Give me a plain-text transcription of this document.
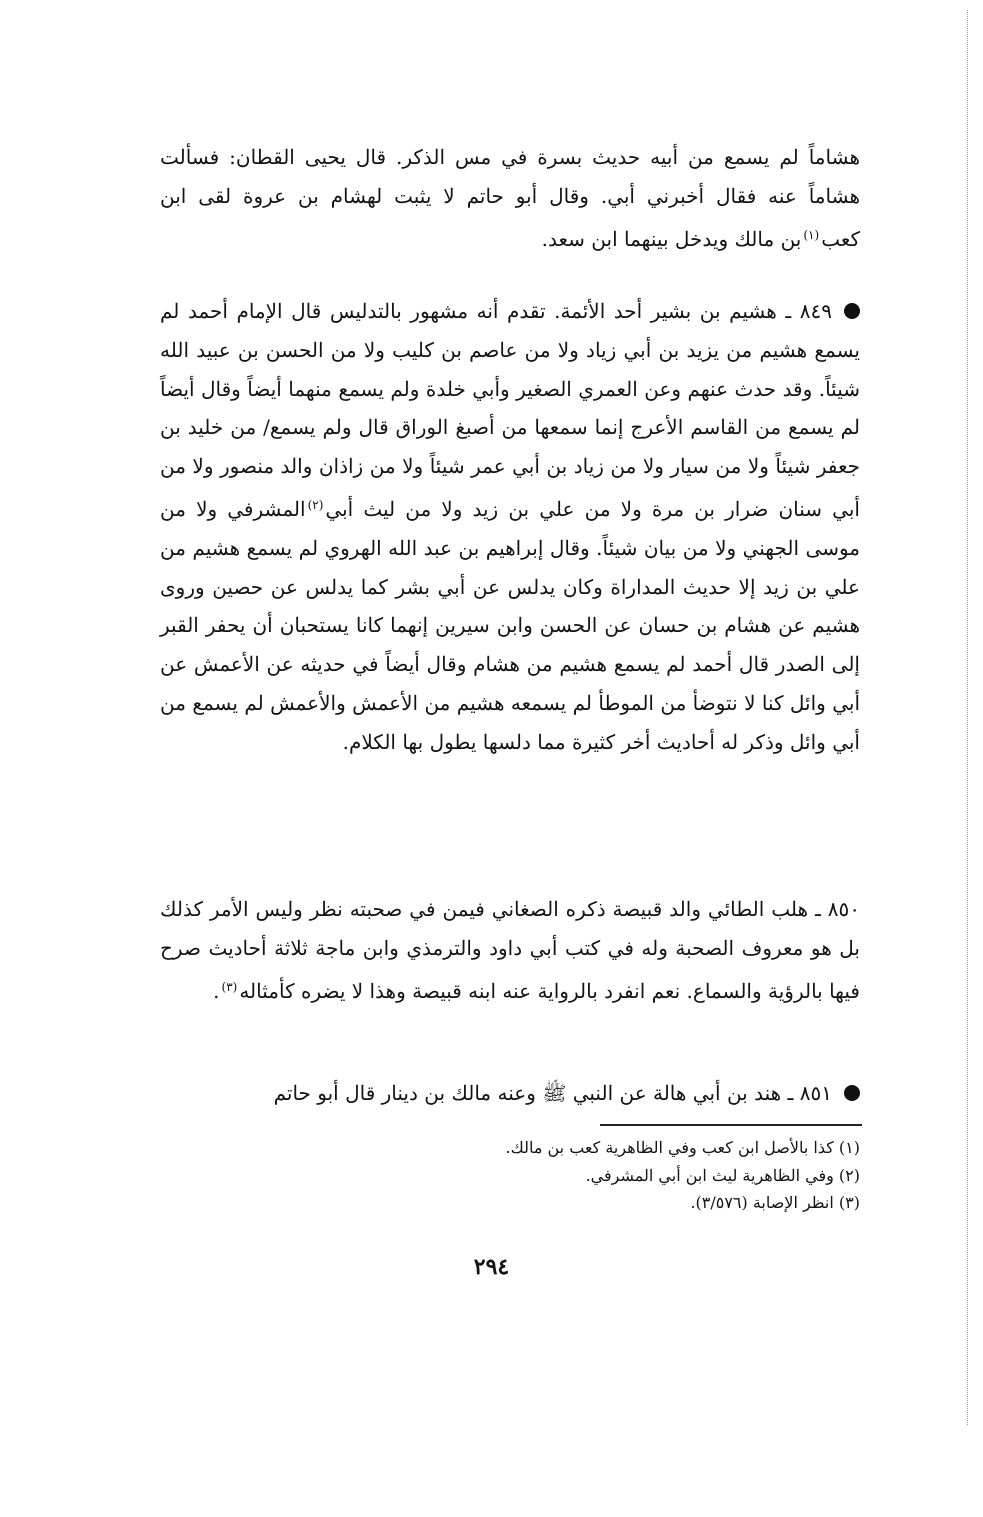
هشاماً لم يسمع من أبيه حديث بسرة في مس الذكر. قال يحيى القطان: فسألت هشاماً عنه فقال أخبرني أبي. وقال أبو حاتم لا يثبت لهشام بن عروة لقى ابن كعب$^{(١)}$بن مالك ويدخل بينهما ابن سعد.
٨٤٩ ـ هشيم بن بشير أحد الأئمة. تقدم أنه مشهور بالتدليس قال الإمام أحمد لم يسمع هشيم من يزيد بن أبي زياد ولا من عاصم بن كليب ولا من الحسن بن عبيد الله شيئاً. وقد حدث عنهم وعن العمري الصغير وأبي خلدة ولم يسمع منهما أيضاً وقال أيضاً لم يسمع من القاسم الأعرج إنما سمعها من أصبغ الوراق قال ولم يسمع/ من خليد بن جعفر شيئاً ولا من سيار ولا من زياد بن أبي عمر شيئاً ولا من زاذان والد منصور ولا من أبي سنان ضرار بن مرة ولا من علي بن زيد ولا من ليث أبي$^{(٢)}$المشرفي ولا من موسى الجهني ولا من بيان شيئاً. وقال إبراهيم بن عبد الله الهروي لم يسمع هشيم من علي بن زيد إلا حديث المداراة وكان يدلس عن أبي بشر كما يدلس عن حصين وروى هشيم عن هشام بن حسان عن الحسن وابن سيرين إنهما كانا يستحبان أن يحفر القبر إلى الصدر قال أحمد لم يسمع هشيم من هشام وقال أيضاً في حديثه عن الأعمش عن أبي وائل كنا لا نتوضأ من الموطأ لم يسمعه هشيم من الأعمش والأعمش لم يسمع من أبي وائل وذكر له أحاديث أخر كثيرة مما دلسها يطول بها الكلام.
٨٥٠ ـ هلب الطائي والد قبيصة ذكره الصغاني فيمن في صحبته نظر وليس الأمر كذلك بل هو معروف الصحبة وله في كتب أبي داود والترمذي وابن ماجة ثلاثة أحاديث صرح فيها بالرؤية والسماع. نعم انفرد بالرواية عنه ابنه قبيصة وهذا لا يضره كأمثاله$^{(٣)}$.
٨٥١ ـ هند بن أبي هالة عن النبي ﷺ وعنه مالك بن دينار قال أبو حاتم
(١) كذا بالأصل ابن كعب وفي الظاهرية كعب بن مالك.
(٢) وفي الظاهرية ليث ابن أبي المشرفي.
(٣) انظر الإصابة (٣/٥٧٦).
٢٩٤
